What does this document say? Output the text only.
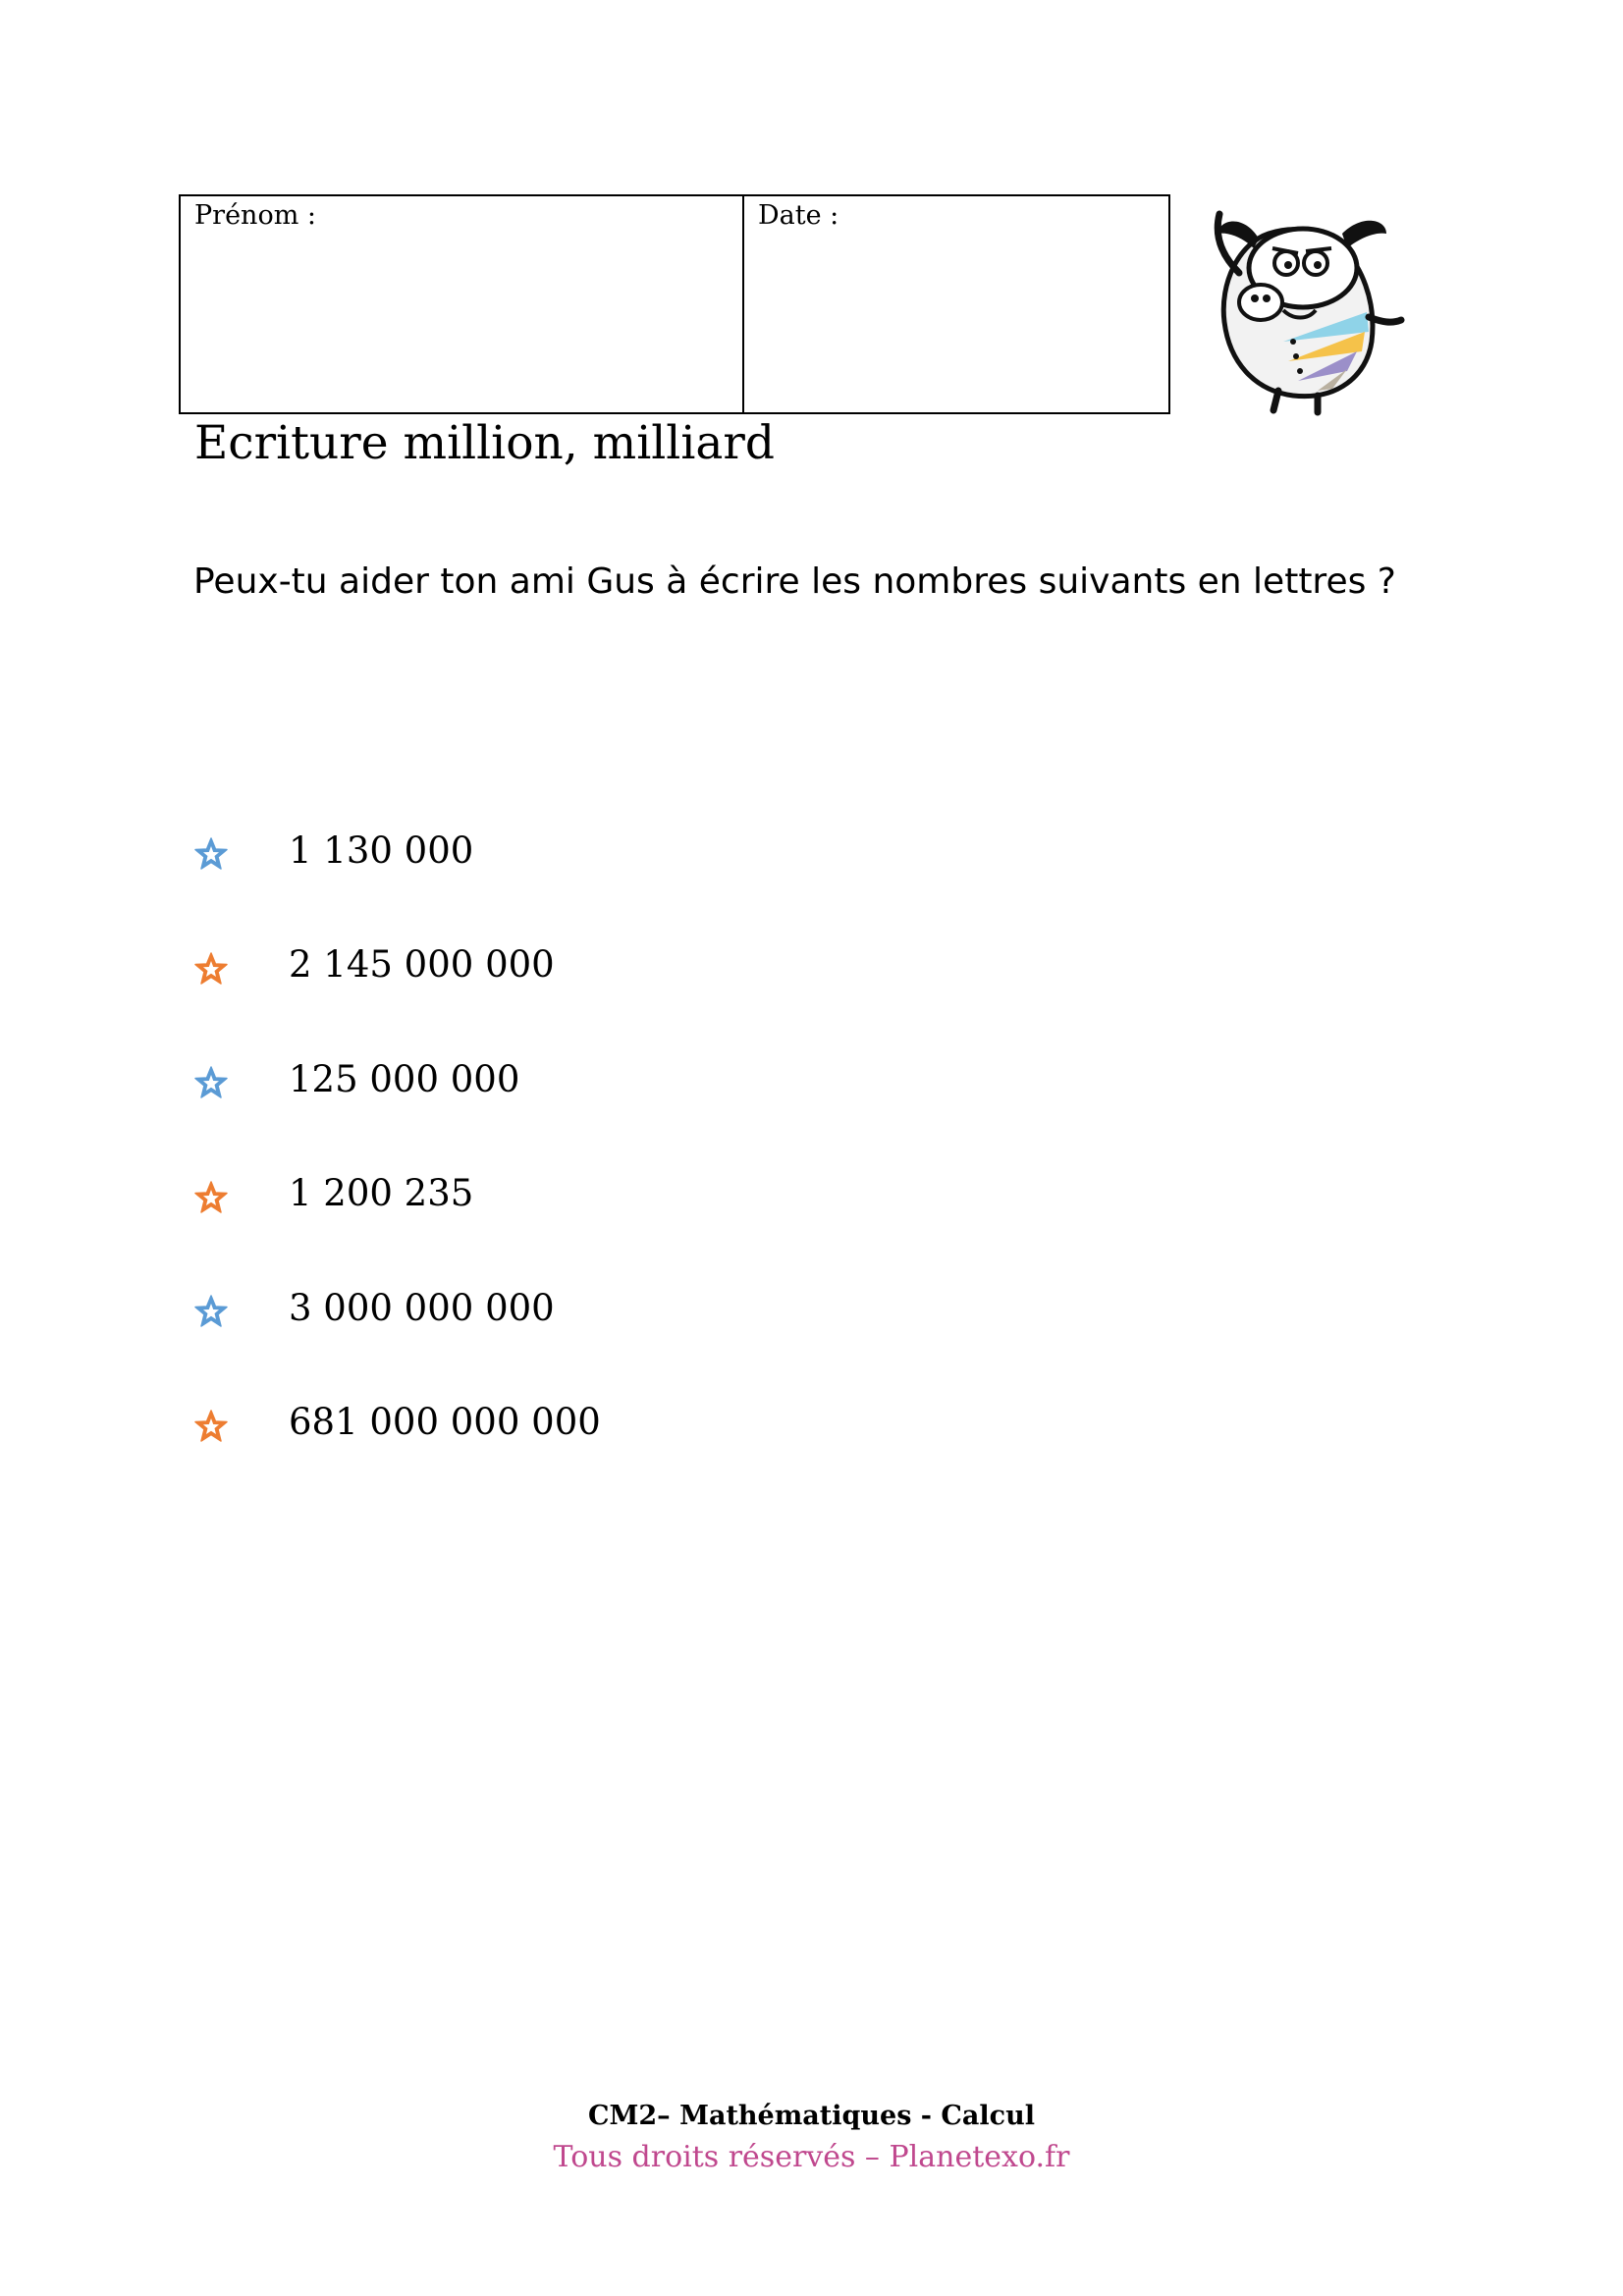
Prénom :	Date :
Ecriture million, milliard
Peux-tu aider ton ami Gus à écrire les nombres suivants en lettres ?
1 130 000
2 145 000 000
125 000 000
1 200 235
3 000 000 000
681 000 000 000
CM2– Mathématiques - Calcul
Tous droits réservés – Planetexo.fr
